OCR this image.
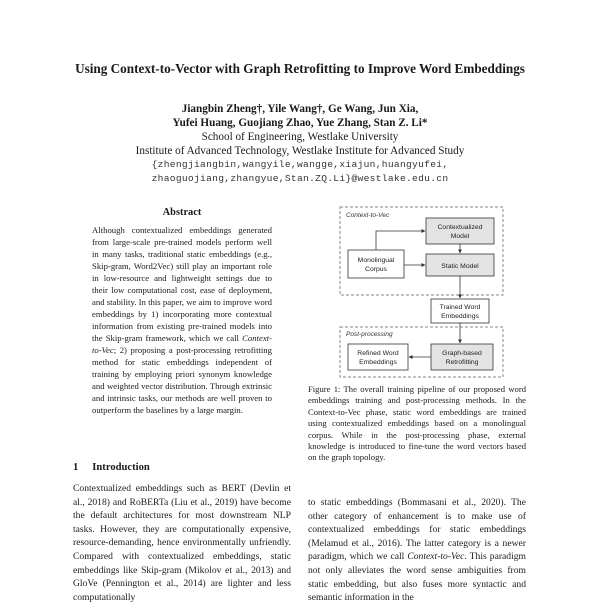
Using Context-to-Vector with Graph Retrofitting to Improve Word Embeddings
Jiangbin Zheng†, Yile Wang†, Ge Wang, Jun Xia,
Yufei Huang, Guojiang Zhao, Yue Zhang, Stan Z. Li*
School of Engineering, Westlake University
Institute of Advanced Technology, Westlake Institute for Advanced Study
{zhengjiangbin,wangyile,wangge,xiajun,huangyufei,
zhaoguojiang,zhangyue,Stan.ZQ.Li}@westlake.edu.cn
Abstract
Although contextualized embeddings generated from large-scale pre-trained models perform well in many tasks, traditional static embeddings (e.g., Skip-gram, Word2Vec) still play an important role in low-resource and lightweight settings due to their low computational cost, ease of deployment, and stability. In this paper, we aim to improve word embeddings by 1) incorporating more contextual information from existing pre-trained models into the Skip-gram framework, which we call Context-to-Vec; 2) proposing a post-processing retrofitting method for static embeddings independent of training by employing priori synonym knowledge and weighted vector distribution. Through extrinsic and intrinsic tasks, our methods are well proven to outperform the baselines by a large margin.
Context-to-Vec
Contextualized
Model
Monolingual
Corpus	Static Model
Trained Word
Embeddings
Post-processing
Refined Word
Embeddings
Graph-based
Retrofitting
Figure 1: The overall training pipeline of our proposed word embeddings training and post-processing methods. In the Context-to-Vec phase, static word embeddings are trained using contextualized embeddings based on a monolingual corpus. While in the post-processing phase, external knowledge is introduced to fine-tune the word vectors based on the graph topology.
1 Introduction
Contextualized embeddings such as BERT (Devlin et al., 2018) and RoBERTa (Liu et al., 2019) have become the default architectures for most downstream NLP tasks. However, they are computationally expensive, resource-demanding, hence environmentally unfriendly. Compared with contextualized embeddings, static embeddings like Skip-gram (Mikolov et al., 2013) and GloVe (Pennington et al., 2014) are lighter and less computationally
to static embeddings (Bommasani et al., 2020). The other category of enhancement is to make use of contextualized embeddings for static embeddings (Melamud et al., 2016). The latter category is a newer paradigm, which we call Context-to-Vec. This paradigm not only alleviates the word sense ambiguities from static embedding, but also fuses more syntactic and semantic information in the
